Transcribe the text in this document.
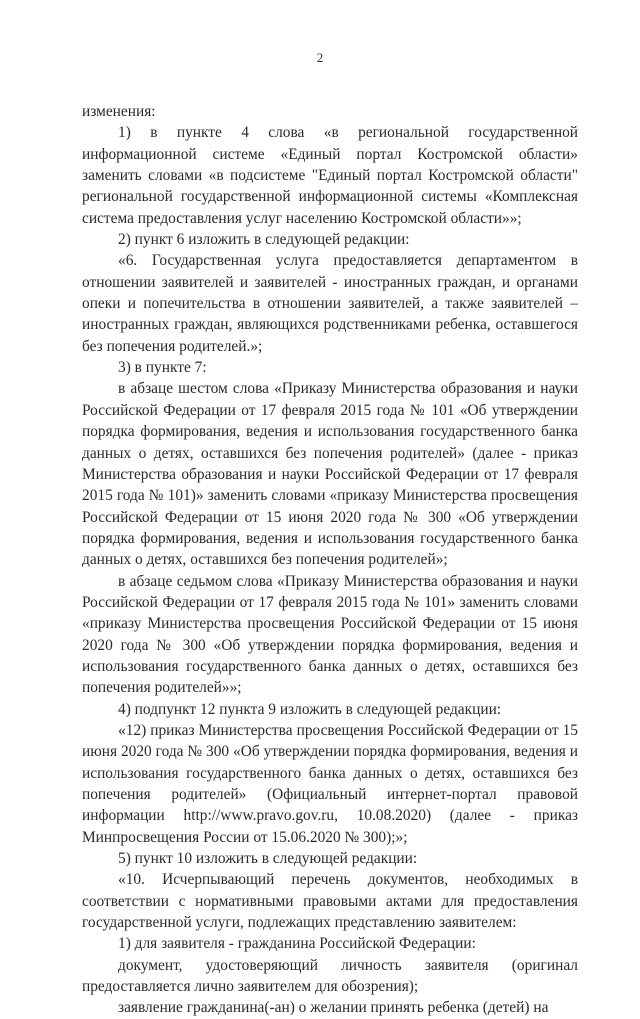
2

изменения:

1) в пункте 4 слова «в региональной государственной информационной системе «Единый портал Костромской области» заменить словами «в подсистеме "Единый портал Костромской области" региональной государственной информационной системы «Комплексная система предоставления услуг населению Костромской области»»;

2) пункт 6 изложить в следующей редакции:

«6. Государственная услуга предоставляется департаментом в отношении заявителей и заявителей - иностранных граждан, и органами опеки и попечительства в отношении заявителей, а также заявителей – иностранных граждан, являющихся родственниками ребенка, оставшегося без попечения родителей.»;

3) в пункте 7:

в абзаце шестом слова «Приказу Министерства образования и науки Российской Федерации от 17 февраля 2015 года № 101 «Об утверждении порядка формирования, ведения и использования государственного банка данных о детях, оставшихся без попечения родителей» (далее - приказ Министерства образования и науки Российской Федерации от 17 февраля 2015 года № 101)» заменить словами «приказу Министерства просвещения Российской Федерации от 15 июня 2020 года № 300 «Об утверждении порядка формирования, ведения и использования государственного банка данных о детях, оставшихся без попечения родителей»;

в абзаце седьмом слова «Приказу Министерства образования и науки Российской Федерации от 17 февраля 2015 года № 101» заменить словами «приказу Министерства просвещения Российской Федерации от 15 июня 2020 года № 300 «Об утверждении порядка формирования, ведения и использования государственного банка данных о детях, оставшихся без попечения родителей»»;

4) подпункт 12 пункта 9 изложить в следующей редакции:

«12) приказ Министерства просвещения Российской Федерации от 15 июня 2020 года № 300 «Об утверждении порядка формирования, ведения и использования государственного банка данных о детях, оставшихся без попечения родителей» (Официальный интернет-портал правовой информации http://www.pravo.gov.ru, 10.08.2020) (далее - приказ Минпросвещения России от 15.06.2020 № 300);»;

5) пункт 10 изложить в следующей редакции:

«10. Исчерпывающий перечень документов, необходимых в соответствии с нормативными правовыми актами для предоставления государственной услуги, подлежащих представлению заявителем:

1) для заявителя - гражданина Российской Федерации:

документ, удостоверяющий личность заявителя (оригинал предоставляется лично заявителем для обозрения);

заявление гражданина(-ан) о желании принять ребенка (детей) на
